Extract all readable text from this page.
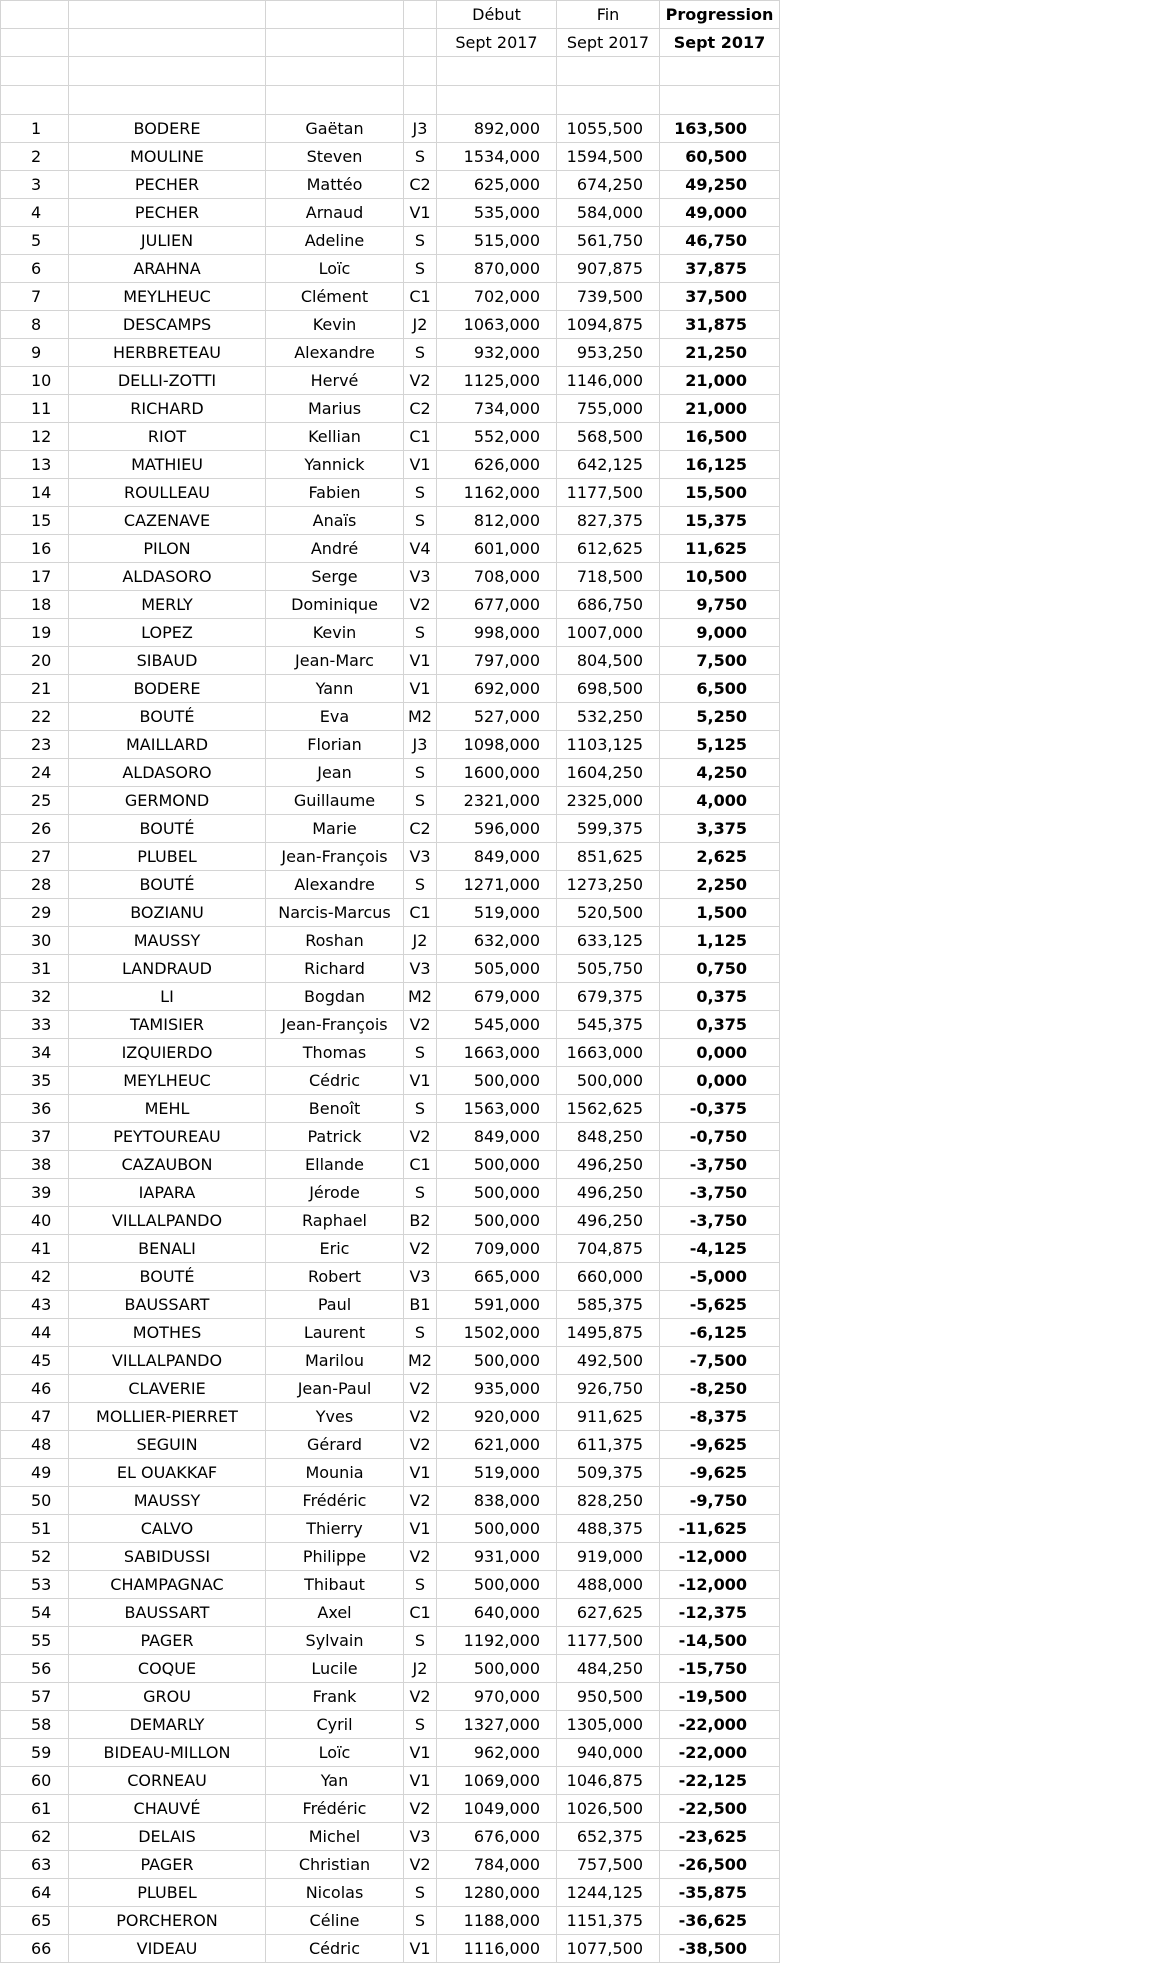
				Début	Fin	Progression
				Sept 2017	Sept 2017	Sept 2017

1	BODERE	Gaëtan	J3	892,000	1055,500	163,500
2	MOULINE	Steven	S	1534,000	1594,500	60,500
3	PECHER	Mattéo	C2	625,000	674,250	49,250
4	PECHER	Arnaud	V1	535,000	584,000	49,000
5	JULIEN	Adeline	S	515,000	561,750	46,750
6	ARAHNA	Loïc	S	870,000	907,875	37,875
7	MEYLHEUC	Clément	C1	702,000	739,500	37,500
8	DESCAMPS	Kevin	J2	1063,000	1094,875	31,875
9	HERBRETEAU	Alexandre	S	932,000	953,250	21,250
10	DELLI-ZOTTI	Hervé	V2	1125,000	1146,000	21,000
11	RICHARD	Marius	C2	734,000	755,000	21,000
12	RIOT	Kellian	C1	552,000	568,500	16,500
13	MATHIEU	Yannick	V1	626,000	642,125	16,125
14	ROULLEAU	Fabien	S	1162,000	1177,500	15,500
15	CAZENAVE	Anaïs	S	812,000	827,375	15,375
16	PILON	André	V4	601,000	612,625	11,625
17	ALDASORO	Serge	V3	708,000	718,500	10,500
18	MERLY	Dominique	V2	677,000	686,750	9,750
19	LOPEZ	Kevin	S	998,000	1007,000	9,000
20	SIBAUD	Jean-Marc	V1	797,000	804,500	7,500
21	BODERE	Yann	V1	692,000	698,500	6,500
22	BOUTÉ	Eva	M2	527,000	532,250	5,250
23	MAILLARD	Florian	J3	1098,000	1103,125	5,125
24	ALDASORO	Jean	S	1600,000	1604,250	4,250
25	GERMOND	Guillaume	S	2321,000	2325,000	4,000
26	BOUTÉ	Marie	C2	596,000	599,375	3,375
27	PLUBEL	Jean-François	V3	849,000	851,625	2,625
28	BOUTÉ	Alexandre	S	1271,000	1273,250	2,250
29	BOZIANU	Narcis-Marcus	C1	519,000	520,500	1,500
30	MAUSSY	Roshan	J2	632,000	633,125	1,125
31	LANDRAUD	Richard	V3	505,000	505,750	0,750
32	LI	Bogdan	M2	679,000	679,375	0,375
33	TAMISIER	Jean-François	V2	545,000	545,375	0,375
34	IZQUIERDO	Thomas	S	1663,000	1663,000	0,000
35	MEYLHEUC	Cédric	V1	500,000	500,000	0,000
36	MEHL	Benoît	S	1563,000	1562,625	-0,375
37	PEYTOUREAU	Patrick	V2	849,000	848,250	-0,750
38	CAZAUBON	Ellande	C1	500,000	496,250	-3,750
39	IAPARA	Jérode	S	500,000	496,250	-3,750
40	VILLALPANDO	Raphael	B2	500,000	496,250	-3,750
41	BENALI	Eric	V2	709,000	704,875	-4,125
42	BOUTÉ	Robert	V3	665,000	660,000	-5,000
43	BAUSSART	Paul	B1	591,000	585,375	-5,625
44	MOTHES	Laurent	S	1502,000	1495,875	-6,125
45	VILLALPANDO	Marilou	M2	500,000	492,500	-7,500
46	CLAVERIE	Jean-Paul	V2	935,000	926,750	-8,250
47	MOLLIER-PIERRET	Yves	V2	920,000	911,625	-8,375
48	SEGUIN	Gérard	V2	621,000	611,375	-9,625
49	EL OUAKKAF	Mounia	V1	519,000	509,375	-9,625
50	MAUSSY	Frédéric	V2	838,000	828,250	-9,750
51	CALVO	Thierry	V1	500,000	488,375	-11,625
52	SABIDUSSI	Philippe	V2	931,000	919,000	-12,000
53	CHAMPAGNAC	Thibaut	S	500,000	488,000	-12,000
54	BAUSSART	Axel	C1	640,000	627,625	-12,375
55	PAGER	Sylvain	S	1192,000	1177,500	-14,500
56	COQUE	Lucile	J2	500,000	484,250	-15,750
57	GROU	Frank	V2	970,000	950,500	-19,500
58	DEMARLY	Cyril	S	1327,000	1305,000	-22,000
59	BIDEAU-MILLON	Loïc	V1	962,000	940,000	-22,000
60	CORNEAU	Yan	V1	1069,000	1046,875	-22,125
61	CHAUVÉ	Frédéric	V2	1049,000	1026,500	-22,500
62	DELAIS	Michel	V3	676,000	652,375	-23,625
63	PAGER	Christian	V2	784,000	757,500	-26,500
64	PLUBEL	Nicolas	S	1280,000	1244,125	-35,875
65	PORCHERON	Céline	S	1188,000	1151,375	-36,625
66	VIDEAU	Cédric	V1	1116,000	1077,500	-38,500
